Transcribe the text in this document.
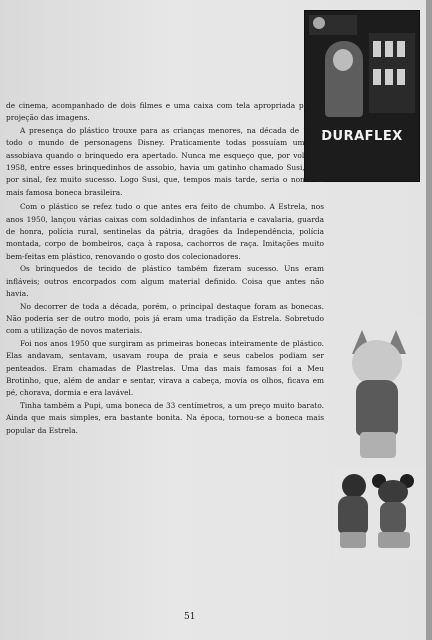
DURAFLEX

de cinema, acompanhado de dois filmes e uma caixa com tela apropriada para a projeção das imagens.

A presença do plástico trouxe para as crianças menores, na década de 1950, todo o mundo de personagens Disney. Praticamente todas possuíam um que assobiava quando o brinquedo era apertado. Nunca me esqueço que, por volta de 1958, entre esses brinquedinhos de assobio, havia um gatinho chamado Susi, que, por sinal, fez muito sucesso. Logo Susi, que, tempos mais tarde, seria o nome da mais famosa boneca brasileira.

Com o plástico se refez tudo o que antes era feito de chumbo. A Estrela, nos anos 1950, lançou várias caixas com soldadinhos de infantaria e cavalaria, guarda de honra, polícia rural, sentinelas da pátria, dragões da Independência, polícia montada, corpo de bombeiros, caça à raposa, cachorros de raça. Imitações muito bem-feitas em plástico, renovando o gosto dos colecionadores.

Os brinquedos de tecido de plástico também fizeram sucesso. Uns eram infláveis; outros encorpados com algum material definido. Coisa que antes não havia.

No decorrer de toda a década, porém, o principal destaque foram as bonecas. Não poderia ser de outro modo, pois já eram uma tradição da Estrela. Sobretudo com a utilização de novos materiais.

Foi nos anos 1950 que surgiram as primeiras bonecas inteiramente de plástico. Elas andavam, sentavam, usavam roupa de praia e seus cabelos podiam ser penteados. Eram chamadas de Plastrelas. Uma das mais famosas foi a Meu Brotinho, que, além de andar e sentar, virava a cabeça, movia os olhos, ficava em pé, chorava, dormia e era lavável.

Tinha também a Pupi, uma boneca de 33 centímetros, a um preço muito barato. Ainda que mais simples, era bastante bonita. Na época, tornou-se a boneca mais popular da Estrela.

51
